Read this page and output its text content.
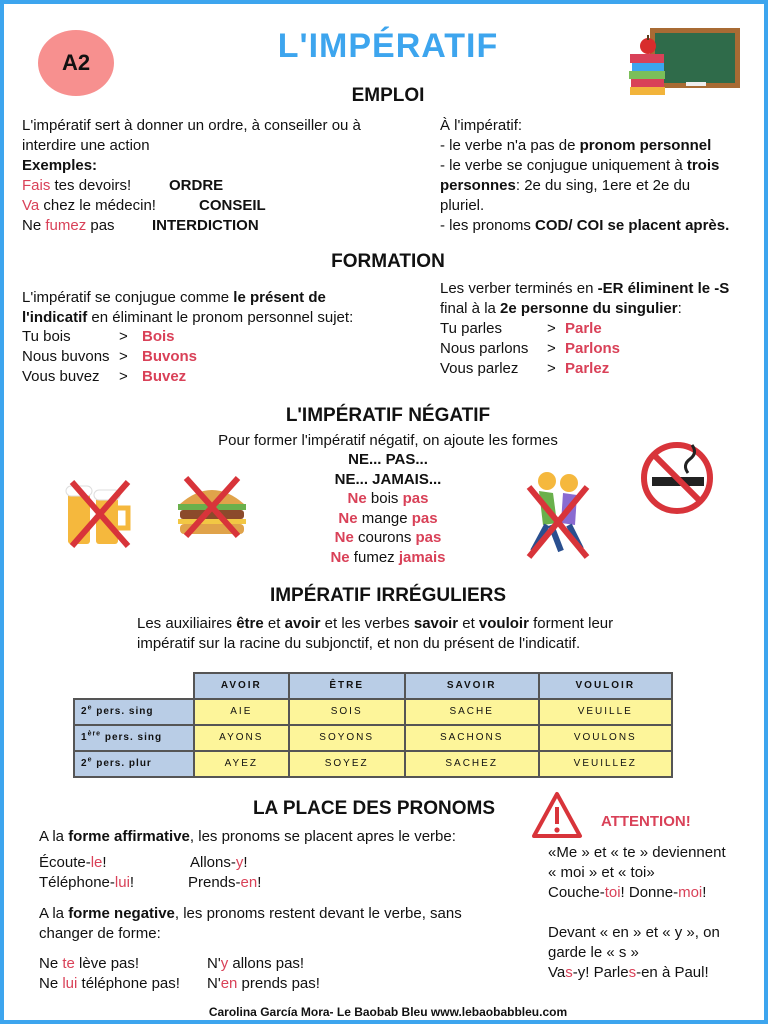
A2	L'IMPÉRATIF
EMPLOI
L'impératif sert à donner un ordre, à conseiller ou à
interdire une action
Exemples:
Fais tes devoirs!	ORDRE
Va chez le médecin!	CONSEIL
Ne fumez pas INTERDICTION
À l'impératif:
- le verbe n'a pas de pronom personnel
- le verbe se conjugue uniquement à trois
personnes: 2e du sing, 1ere et 2e du
pluriel.
- les pronoms COD/ COI se placent après.
FORMATION
L'impératif se conjugue comme le présent de
l'indicatif en éliminant le pronom personnel sujet:
Tu bois	> Bois
Nous buvons > Buvons
Vous buvez > Buvez
Les verber terminés en -ER éliminent le -S
final à la 2e personne du singulier:
Tu parles	> Parle
Nous parlons > Parlons
Vous parlez > Parlez
L'IMPÉRATIF NÉGATIF
Pour former l'impératif négatif, on ajoute les formes
NE... PAS...
NE... JAMAIS...
Ne bois pas
Ne mange pas
Ne courons pas
Ne fumez jamais
IMPÉRATIF IRRÉGULIERS
Les auxiliaires être et avoir et les verbes savoir et vouloir forment leur
impératif sur la racine du subjonctif, et non du présent de l'indicatif.
	AVOIR	ÊTRE	SAVOIR	VOULOIR
2e pers. sing	AIE	SOIS	SACHE	VEUILLE
1ère pers. sing	AYONS	SOYONS	SACHONS	VOULONS
2e pers. plur	AYEZ	SOYEZ	SACHEZ	VEUILLEZ
LA PLACE DES PRONOMS
A la forme affirmative, les pronoms se placent apres le verbe:
Écoute-le!	Allons-y!
Téléphone-lui!	Prends-en!
A la forme negative, les pronoms restent devant le verbe, sans
changer de forme:
Ne te lève pas!	N'y allons pas!
Ne lui téléphone pas! N'en prends pas!
ATTENTION!
«Me » et « te » deviennent
« moi » et « toi»
Couche-toi! Donne-moi!
Devant « en » et « y », on
garde le « s »
Vas-y! Parles-en à Paul!
Carolina García Mora- Le Baobab Bleu www.lebaobabbleu.com
